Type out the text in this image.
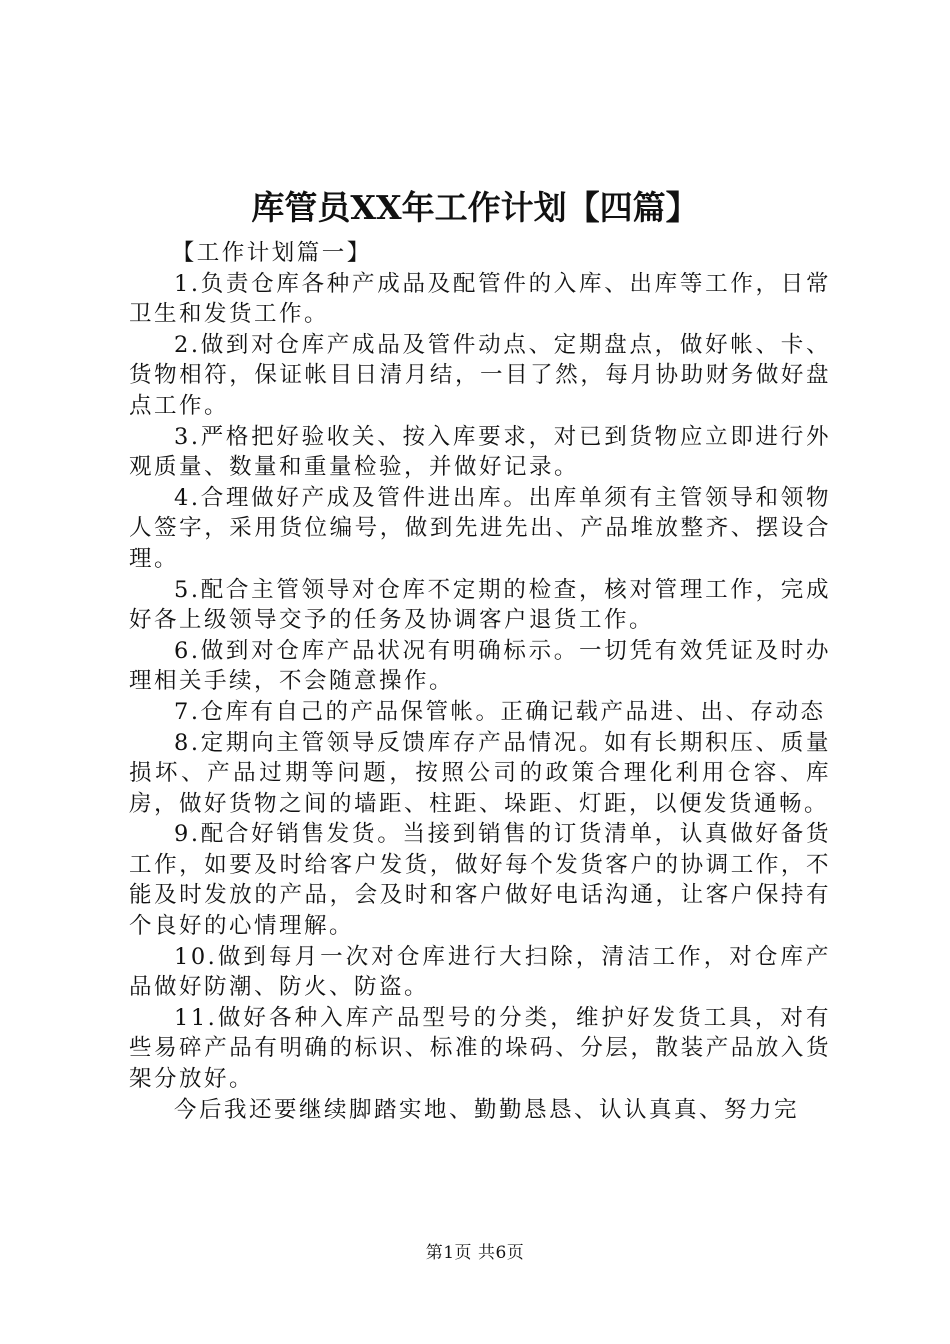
库管员XX年工作计划【四篇】

【工作计划篇一】

1.负责仓库各种产成品及配管件的入库、出库等工作，日常卫生和发货工作。

2.做到对仓库产成品及管件动点、定期盘点，做好帐、卡、货物相符，保证帐目日清月结，一目了然，每月协助财务做好盘点工作。

3.严格把好验收关、按入库要求，对已到货物应立即进行外观质量、数量和重量检验，并做好记录。

4.合理做好产成及管件进出库。出库单须有主管领导和领物人签字，采用货位编号，做到先进先出、产品堆放整齐、摆设合理。

5.配合主管领导对仓库不定期的检查，核对管理工作，完成好各上级领导交予的任务及协调客户退货工作。

6.做到对仓库产品状况有明确标示。一切凭有效凭证及时办理相关手续，不会随意操作。

7.仓库有自己的产品保管帐。正确记载产品进、出、存动态

8.定期向主管领导反馈库存产品情况。如有长期积压、质量损坏、产品过期等问题，按照公司的政策合理化利用仓容、库房，做好货物之间的墙距、柱距、垛距、灯距，以便发货通畅。

9.配合好销售发货。当接到销售的订货清单，认真做好备货工作，如要及时给客户发货，做好每个发货客户的协调工作，不能及时发放的产品，会及时和客户做好电话沟通，让客户保持有个良好的心情理解。

10.做到每月一次对仓库进行大扫除，清洁工作，对仓库产品做好防潮、防火、防盗。

11.做好各种入库产品型号的分类，维护好发货工具，对有些易碎产品有明确的标识、标准的垛码、分层，散装产品放入货架分放好。

今后我还要继续脚踏实地、勤勤恳恳、认认真真、努力完

第1页 共6页
